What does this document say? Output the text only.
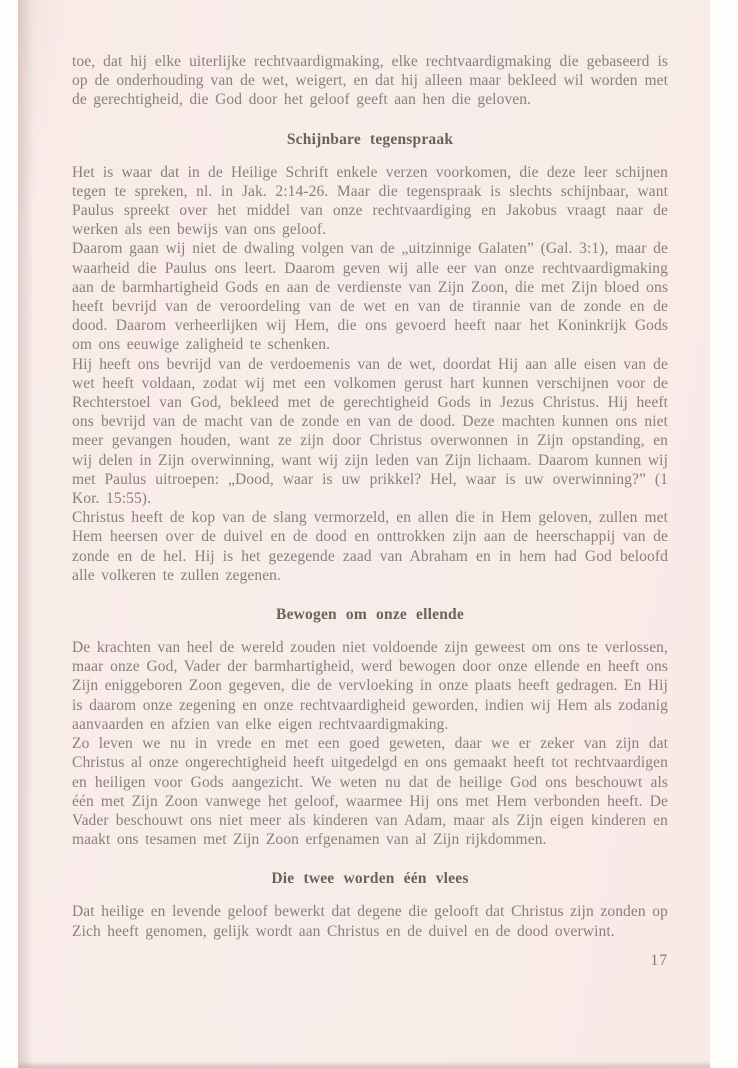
toe, dat hij elke uiterlijke rechtvaardigmaking, elke rechtvaardigmaking die gebaseerd is op de onderhouding van de wet, weigert, en dat hij alleen maar bekleed wil worden met de gerechtigheid, die God door het geloof geeft aan hen die geloven.

Schijnbare tegenspraak

Het is waar dat in de Heilige Schrift enkele verzen voorkomen, die deze leer schijnen tegen te spreken, nl. in Jak. 2:14-26. Maar die tegenspraak is slechts schijnbaar, want Paulus spreekt over het middel van onze rechtvaardiging en Jakobus vraagt naar de werken als een bewijs van ons geloof.

Daarom gaan wij niet de dwaling volgen van de „uitzinnige Galaten” (Gal. 3:1), maar de waarheid die Paulus ons leert. Daarom geven wij alle eer van onze rechtvaardigmaking aan de barmhartigheid Gods en aan de verdienste van Zijn Zoon, die met Zijn bloed ons heeft bevrijd van de veroordeling van de wet en van de tirannie van de zonde en de dood. Daarom verheerlijken wij Hem, die ons gevoerd heeft naar het Koninkrijk Gods om ons eeuwige zaligheid te schenken.

Hij heeft ons bevrijd van de verdoemenis van de wet, doordat Hij aan alle eisen van de wet heeft voldaan, zodat wij met een volkomen gerust hart kunnen verschijnen voor de Rechterstoel van God, bekleed met de gerechtigheid Gods in Jezus Christus. Hij heeft ons bevrijd van de macht van de zonde en van de dood. Deze machten kunnen ons niet meer gevangen houden, want ze zijn door Christus overwonnen in Zijn opstanding, en wij delen in Zijn overwinning, want wij zijn leden van Zijn lichaam. Daarom kunnen wij met Paulus uitroepen: „Dood, waar is uw prikkel? Hel, waar is uw overwinning?” (1 Kor. 15:55).

Christus heeft de kop van de slang vermorzeld, en allen die in Hem geloven, zullen met Hem heersen over de duivel en de dood en onttrokken zijn aan de heerschappij van de zonde en de hel. Hij is het gezegende zaad van Abraham en in hem had God beloofd alle volkeren te zullen zegenen.

Bewogen om onze ellende

De krachten van heel de wereld zouden niet voldoende zijn geweest om ons te verlossen, maar onze God, Vader der barmhartigheid, werd bewogen door onze ellende en heeft ons Zijn eniggeboren Zoon gegeven, die de vervloeking in onze plaats heeft gedragen. En Hij is daarom onze zegening en onze rechtvaardigheid geworden, indien wij Hem als zodanig aanvaarden en afzien van elke eigen rechtvaardigmaking.

Zo leven we nu in vrede en met een goed geweten, daar we er zeker van zijn dat Christus al onze ongerechtigheid heeft uitgedelgd en ons gemaakt heeft tot rechtvaardigen en heiligen voor Gods aangezicht. We weten nu dat de heilige God ons beschouwt als één met Zijn Zoon vanwege het geloof, waarmee Hij ons met Hem verbonden heeft. De Vader beschouwt ons niet meer als kinderen van Adam, maar als Zijn eigen kinderen en maakt ons tesamen met Zijn Zoon erfgenamen van al Zijn rijkdommen.

Die twee worden één vlees

Dat heilige en levende geloof bewerkt dat degene die gelooft dat Christus zijn zonden op Zich heeft genomen, gelijk wordt aan Christus en de duivel en de dood overwint.

17
